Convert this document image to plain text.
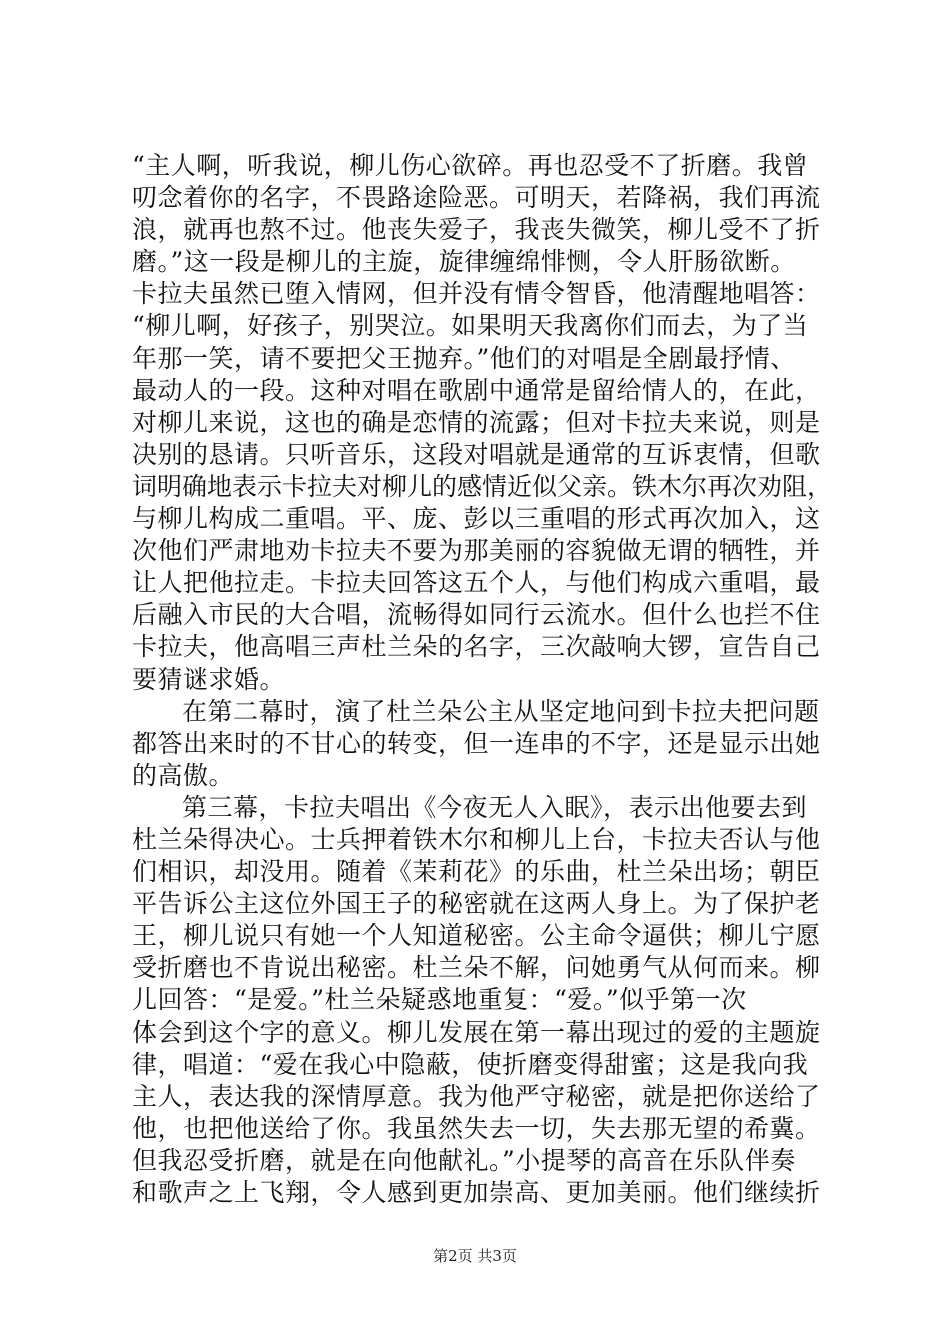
“主人啊，听我说，柳儿伤心欲碎。再也忍受不了折磨。我曾
叨念着你的名字，不畏路途险恶。可明天，若降祸，我们再流
浪，就再也熬不过。他丧失爱子，我丧失微笑，柳儿受不了折
磨。”这一段是柳儿的主旋，旋律缠绵悱恻，令人肝肠欲断。
卡拉夫虽然已堕入情网，但并没有情令智昏，他清醒地唱答：
“柳儿啊，好孩子，别哭泣。如果明天我离你们而去，为了当
年那一笑，请不要把父王抛弃。”他们的对唱是全剧最抒情、
最动人的一段。这种对唱在歌剧中通常是留给情人的，在此，
对柳儿来说，这也的确是恋情的流露；但对卡拉夫来说，则是
决别的恳请。只听音乐，这段对唱就是通常的互诉衷情，但歌
词明确地表示卡拉夫对柳儿的感情近似父亲。铁木尔再次劝阻，
与柳儿构成二重唱。平、庞、彭以三重唱的形式再次加入，这
次他们严肃地劝卡拉夫不要为那美丽的容貌做无谓的牺牲，并
让人把他拉走。卡拉夫回答这五个人，与他们构成六重唱，最
后融入市民的大合唱，流畅得如同行云流水。但什么也拦不住
卡拉夫，他高唱三声杜兰朵的名字，三次敲响大锣，宣告自己
要猜谜求婚。
在第二幕时，演了杜兰朵公主从坚定地问到卡拉夫把问题
都答出来时的不甘心的转变，但一连串的不字，还是显示出她
的高傲。
第三幕，卡拉夫唱出《今夜无人入眠》，表示出他要去到
杜兰朵得决心。士兵押着铁木尔和柳儿上台，卡拉夫否认与他
们相识，却没用。随着《茉莉花》的乐曲，杜兰朵出场；朝臣
平告诉公主这位外国王子的秘密就在这两人身上。为了保护老
王，柳儿说只有她一个人知道秘密。公主命令逼供；柳儿宁愿
受折磨也不肯说出秘密。杜兰朵不解，问她勇气从何而来。柳
儿回答：“是爱。”杜兰朵疑惑地重复：“爱。”似乎第一次
体会到这个字的意义。柳儿发展在第一幕出现过的爱的主题旋
律，唱道：“爱在我心中隐蔽，使折磨变得甜蜜；这是我向我
主人，表达我的深情厚意。我为他严守秘密，就是把你送给了
他，也把他送给了你。我虽然失去一切，失去那无望的希冀。
但我忍受折磨，就是在向他献礼。”小提琴的高音在乐队伴奏
和歌声之上飞翔，令人感到更加崇高、更加美丽。他们继续折
第2页 共3页
